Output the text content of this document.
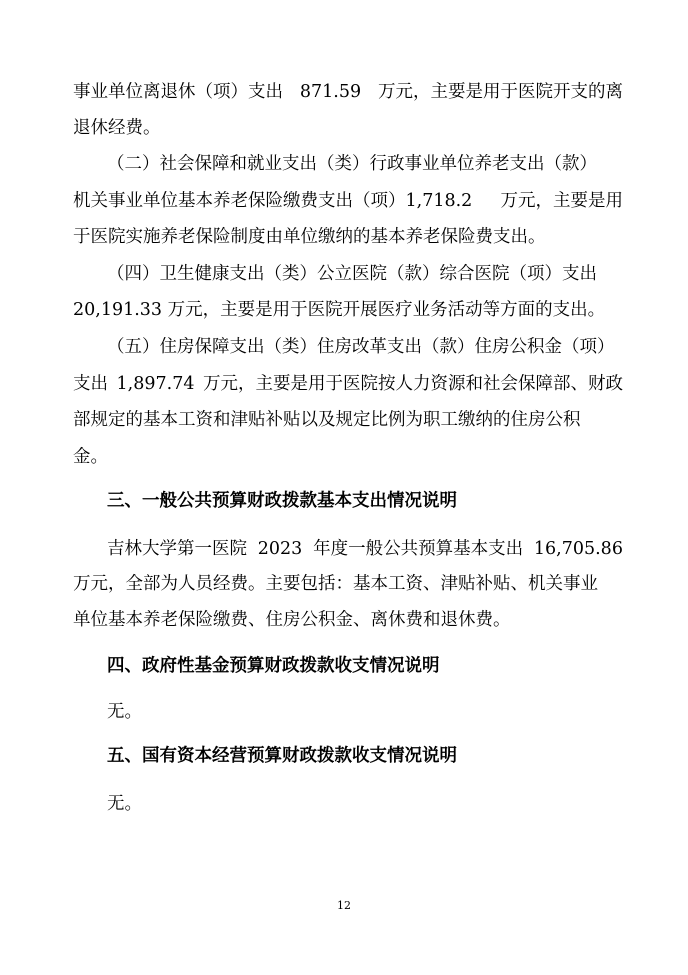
事业单位离退休（项）支出 871.59 万元，主要是用于医院开支的离
退休经费。
（二）社会保障和就业支出（类）行政事业单位养老支出（款）
机关事业单位基本养老保险缴费支出（项）1,718.2 万元，主要是用
于医院实施养老保险制度由单位缴纳的基本养老保险费支出。
（四）卫生健康支出（类）公立医院（款）综合医院（项）支出
20,191.33 万元，主要是用于医院开展医疗业务活动等方面的支出。
（五）住房保障支出（类）住房改革支出（款）住房公积金（项）
支出 1,897.74 万元，主要是用于医院按人力资源和社会保障部、财政
部规定的基本工资和津贴补贴以及规定比例为职工缴纳的住房公积
金。
三、一般公共预算财政拨款基本支出情况说明
吉林大学第一医院 2023 年度一般公共预算基本支出 16,705.86
万元，全部为人员经费。主要包括：基本工资、津贴补贴、机关事业
单位基本养老保险缴费、住房公积金、离休费和退休费。
四、政府性基金预算财政拨款收支情况说明
无。
五、国有资本经营预算财政拨款收支情况说明
无。
12
